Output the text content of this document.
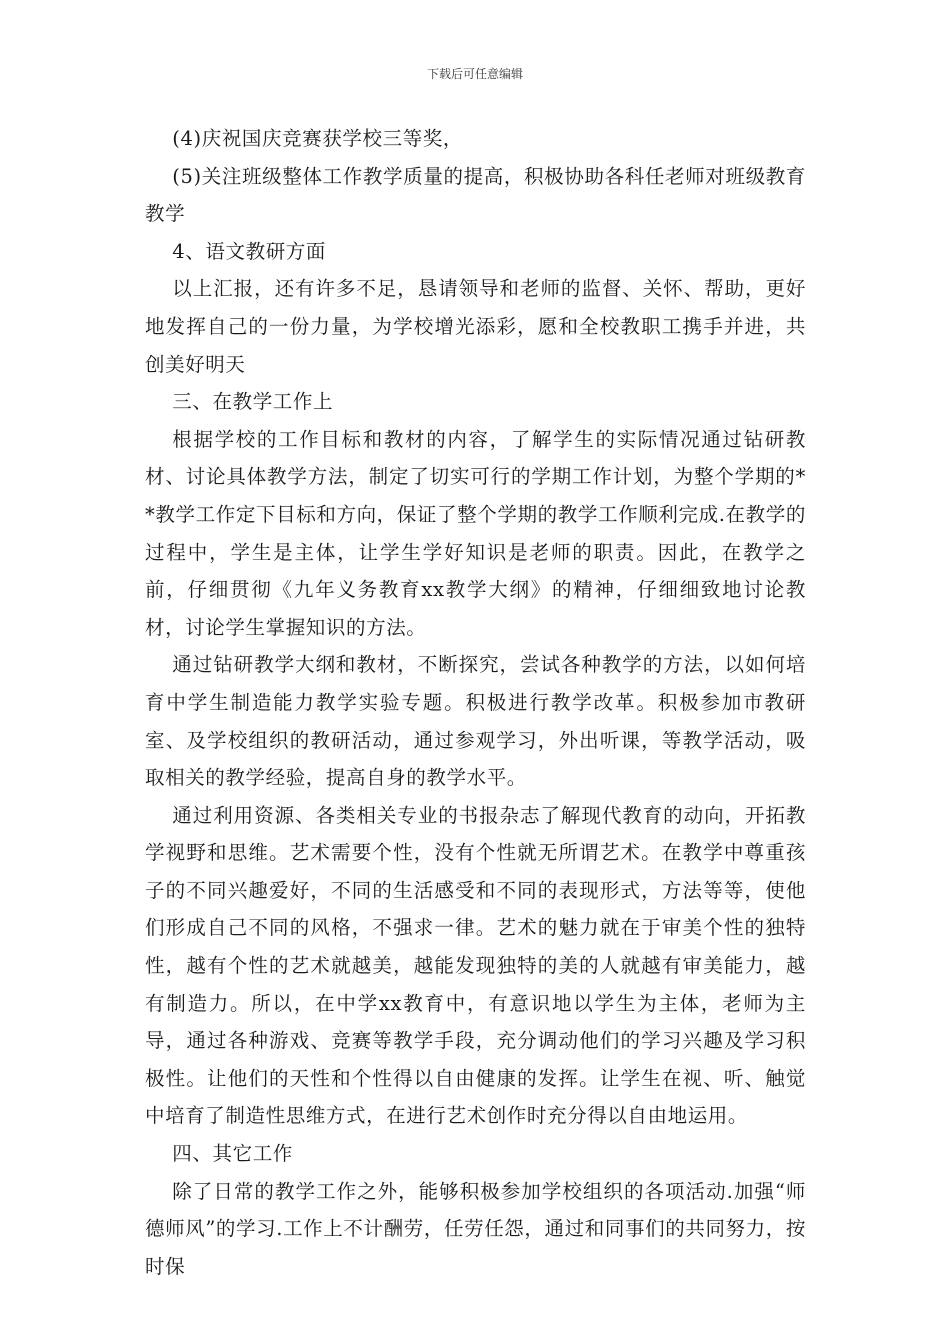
下载后可任意编辑

(4)庆祝国庆竞赛获学校三等奖，

(5)关注班级整体工作教学质量的提高，积极协助各科任老师对班级教育教学

4、语文教研方面

以上汇报，还有许多不足，恳请领导和老师的监督、关怀、帮助，更好地发挥自己的一份力量，为学校增光添彩，愿和全校教职工携手并进，共创美好明天

三、在教学工作上

根据学校的工作目标和教材的内容，了解学生的实际情况通过钻研教材、讨论具体教学方法，制定了切实可行的学期工作计划，为整个学期的**教学工作定下目标和方向，保证了整个学期的教学工作顺利完成.在教学的过程中，学生是主体，让学生学好知识是老师的职责。因此，在教学之前，仔细贯彻《九年义务教育xx教学大纲》的精神，仔细细致地讨论教材，讨论学生掌握知识的方法。

通过钻研教学大纲和教材，不断探究，尝试各种教学的方法，以如何培育中学生制造能力教学实验专题。积极进行教学改革。积极参加市教研室、及学校组织的教研活动，通过参观学习，外出听课，等教学活动，吸取相关的教学经验，提高自身的教学水平。

通过利用资源、各类相关专业的书报杂志了解现代教育的动向，开拓教学视野和思维。艺术需要个性，没有个性就无所谓艺术。在教学中尊重孩子的不同兴趣爱好，不同的生活感受和不同的表现形式，方法等等，使他们形成自己不同的风格，不强求一律。艺术的魅力就在于审美个性的独特性，越有个性的艺术就越美，越能发现独特的美的人就越有审美能力，越有制造力。所以，在中学xx教育中，有意识地以学生为主体，老师为主导，通过各种游戏、竞赛等教学手段，充分调动他们的学习兴趣及学习积极性。让他们的天性和个性得以自由健康的发挥。让学生在视、听、触觉中培育了制造性思维方式，在进行艺术创作时充分得以自由地运用。

四、其它工作

除了日常的教学工作之外，能够积极参加学校组织的各项活动.加强“师德师风”的学习.工作上不计酬劳，任劳任怨，通过和同事们的共同努力，按时保
